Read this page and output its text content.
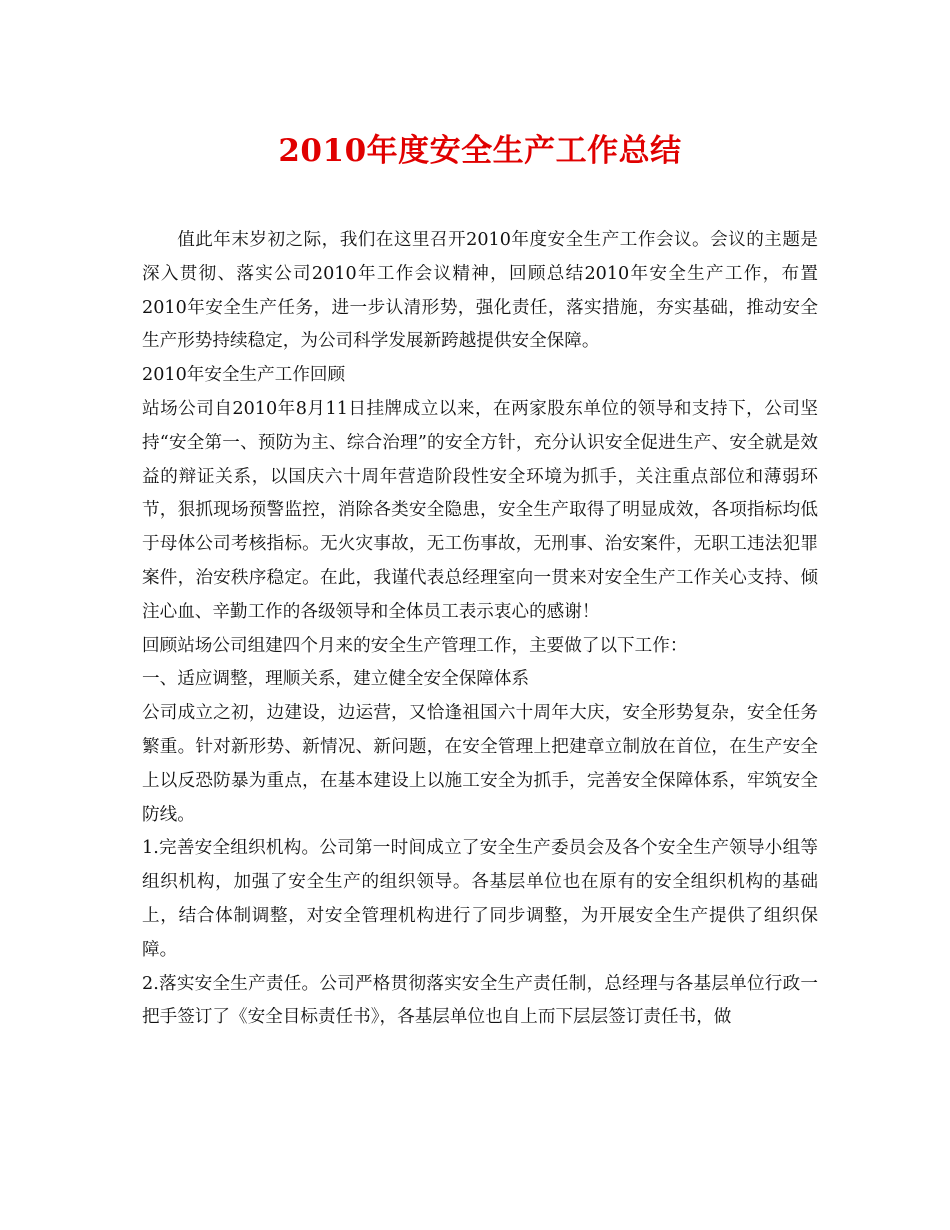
2010年度安全生产工作总结

值此年末岁初之际，我们在这里召开2010年度安全生产工作会议。会议的主题是深入贯彻、落实公司2010年工作会议精神，回顾总结2010年安全生产工作，布置2010年安全生产任务，进一步认清形势，强化责任，落实措施，夯实基础，推动安全生产形势持续稳定，为公司科学发展新跨越提供安全保障。

2010年安全生产工作回顾

站场公司自2010年8月11日挂牌成立以来，在两家股东单位的领导和支持下，公司坚持“安全第一、预防为主、综合治理”的安全方针，充分认识安全促进生产、安全就是效益的辩证关系，以国庆六十周年营造阶段性安全环境为抓手，关注重点部位和薄弱环节，狠抓现场预警监控，消除各类安全隐患，安全生产取得了明显成效，各项指标均低于母体公司考核指标。无火灾事故，无工伤事故，无刑事、治安案件，无职工违法犯罪案件，治安秩序稳定。在此，我谨代表总经理室向一贯来对安全生产工作关心支持、倾注心血、辛勤工作的各级领导和全体员工表示衷心的感谢！

回顾站场公司组建四个月来的安全生产管理工作，主要做了以下工作：

一、适应调整，理顺关系，建立健全安全保障体系

公司成立之初，边建设，边运营，又恰逢祖国六十周年大庆，安全形势复杂，安全任务繁重。针对新形势、新情况、新问题，在安全管理上把建章立制放在首位，在生产安全上以反恐防暴为重点，在基本建设上以施工安全为抓手，完善安全保障体系，牢筑安全防线。

1.完善安全组织机构。公司第一时间成立了安全生产委员会及各个安全生产领导小组等组织机构，加强了安全生产的组织领导。各基层单位也在原有的安全组织机构的基础上，结合体制调整，对安全管理机构进行了同步调整，为开展安全生产提供了组织保障。

2.落实安全生产责任。公司严格贯彻落实安全生产责任制，总经理与各基层单位行政一把手签订了《安全目标责任书》，各基层单位也自上而下层层签订责任书，做
